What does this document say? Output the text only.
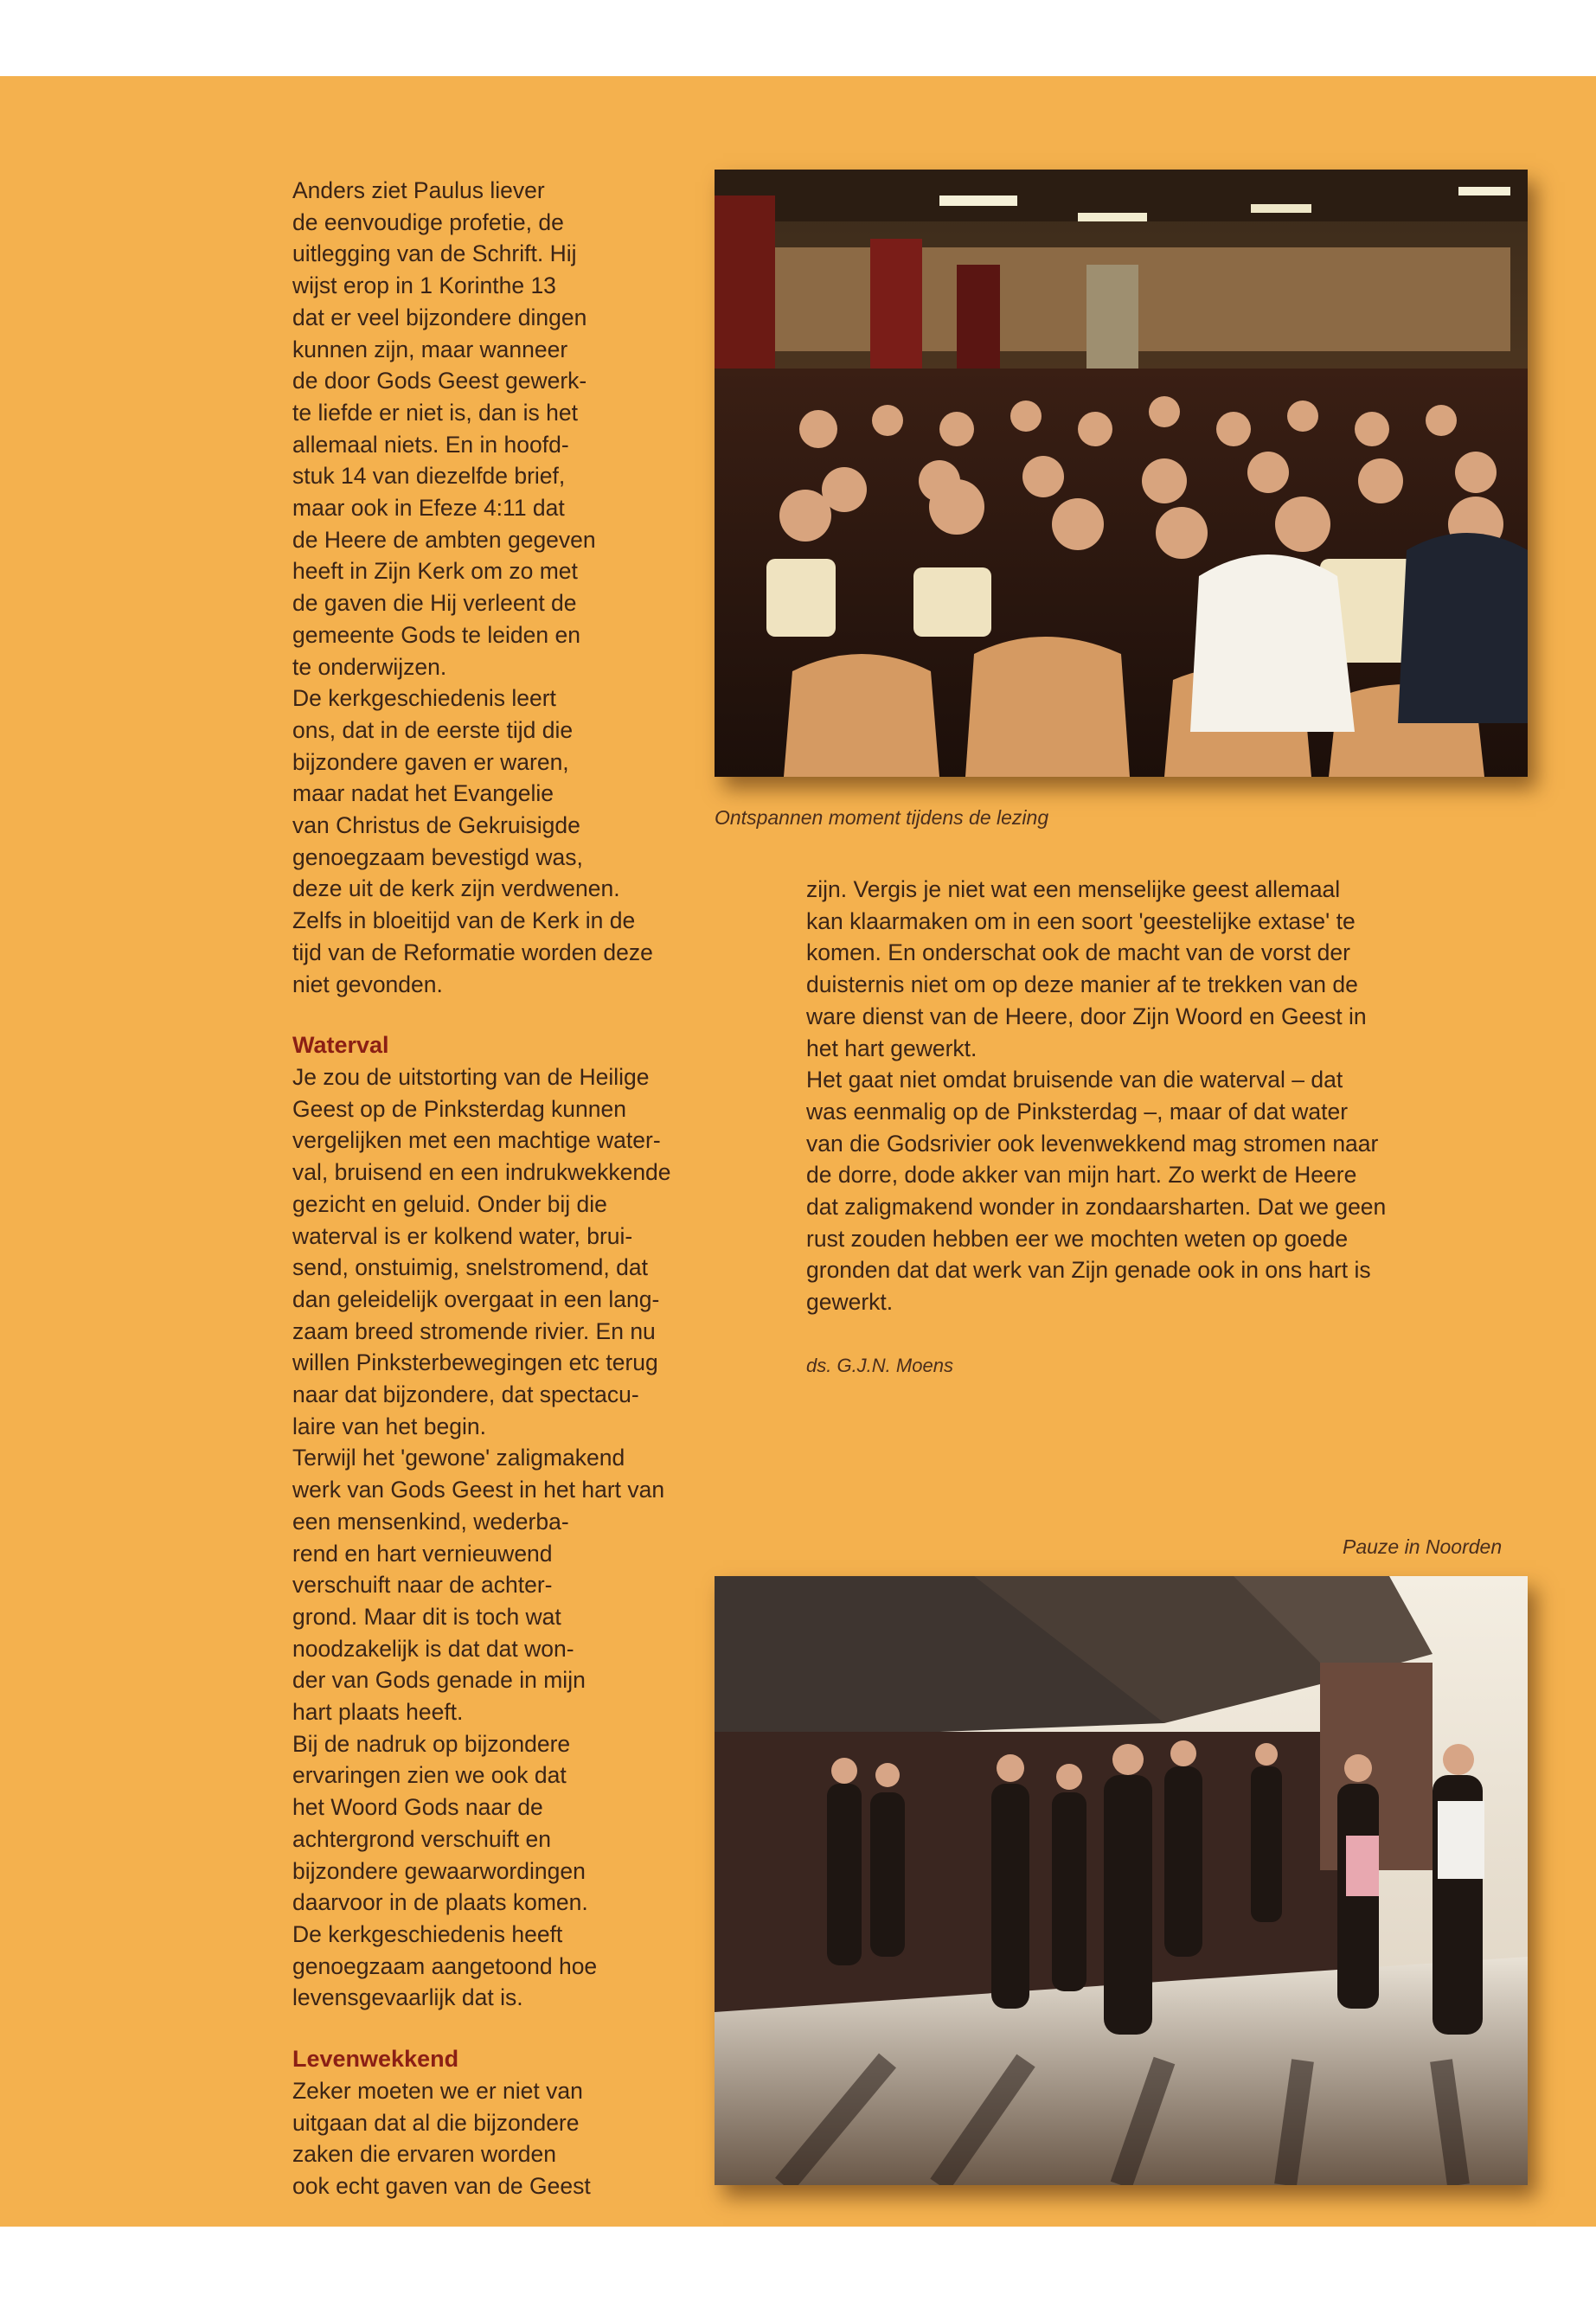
Anders ziet Paulus liever

de eenvoudige profetie, de

uitlegging van de Schrift. Hij

wijst erop in 1 Korinthe 13

dat er veel bijzondere dingen

kunnen zijn, maar wanneer

de door Gods Geest gewerk-

te liefde er niet is, dan is het

allemaal niets. En in hoofd-

stuk 14 van diezelfde brief,

maar ook in Efeze 4:11 dat

de Heere de ambten gegeven

heeft in Zijn Kerk om zo met

de gaven die Hij verleent de

gemeente Gods te leiden en

te onderwijzen.

De kerkgeschiedenis leert

ons, dat in de eerste tijd die

bijzondere gaven er waren,

maar nadat het Evangelie

van Christus de Gekruisigde

genoegzaam bevestigd was,

deze uit de kerk zijn verdwenen.

Zelfs in bloeitijd van de Kerk in de

tijd van de Reformatie worden deze

niet gevonden.

Waterval

Je zou de uitstorting van de Heilige

Geest op de Pinksterdag kunnen

vergelijken met een machtige water-

val, bruisend en een indrukwekkende

gezicht en geluid. Onder bij die

waterval is er kolkend water, brui-

send, onstuimig, snelstromend, dat

dan geleidelijk overgaat in een lang-

zaam breed stromende rivier. En nu

willen Pinksterbewegingen etc terug

naar dat bijzondere, dat spectacu-

laire van het begin.

Terwijl het 'gewone' zaligmakend

werk van Gods Geest in het hart van

een mensenkind, wederba-

rend en hart vernieuwend

verschuift naar de achter-

grond. Maar dit is toch wat

noodzakelijk is dat dat won-

der van Gods genade in mijn

hart plaats heeft.

Bij de nadruk op bijzondere

ervaringen zien we ook dat

het Woord Gods naar de

achtergrond verschuift en

bijzondere gewaarwordingen

daarvoor in de plaats komen.

De kerkgeschiedenis heeft

genoegzaam aangetoond hoe

levensgevaarlijk dat is.

Levenwekkend

Zeker moeten we er niet van

uitgaan dat al die bijzondere

zaken die ervaren worden

ook echt gaven van de Geest

zijn. Vergis je niet wat een menselijke geest allemaal

kan klaarmaken om in een soort 'geestelijke extase' te

komen. En onderschat ook de macht van de vorst der

duisternis niet om op deze manier af te trekken van de

ware dienst van de Heere, door Zijn Woord en Geest in

het hart gewerkt.

Het gaat niet omdat bruisende van die waterval – dat

was eenmalig op de Pinksterdag –, maar of dat water

van die Godsrivier ook levenwekkend mag stromen naar

de dorre, dode akker van mijn hart. Zo werkt de Heere

dat zaligmakend wonder in zondaarsharten. Dat we geen

rust zouden hebben eer we mochten weten op goede

gronden dat dat werk van Zijn genade ook in ons hart is

gewerkt.

ds. G.J.N. Moens
Ontspannen moment tijdens de lezing
Pauze in Noorden
